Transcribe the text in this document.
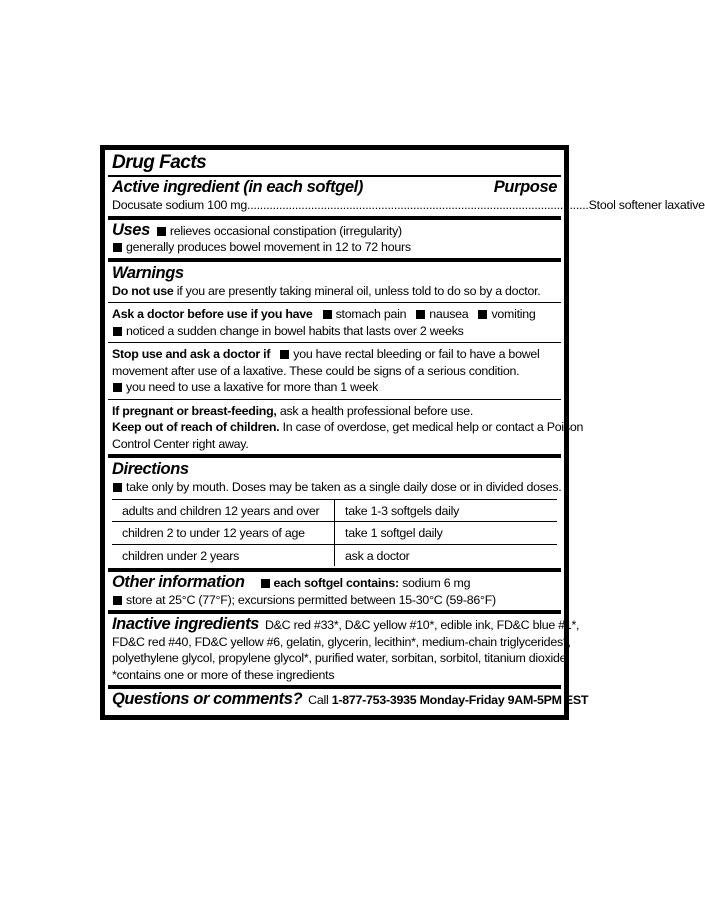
Drug Facts
Active ingredient (in each softgel)	Purpose
Docusate sodium 100 mg ........................................................................................................... Stool softener laxative
Uses relieves occasional constipation (irregularity)
generally produces bowel movement in 12 to 72 hours
Warnings
Do not use if you are presently taking mineral oil, unless told to do so by a doctor.
Ask a doctor before use if you have stomach pain nausea vomiting
noticed a sudden change in bowel habits that lasts over 2 weeks
Stop use and ask a doctor if you have rectal bleeding or fail to have a bowel
movement after use of a laxative. These could be signs of a serious condition.
you need to use a laxative for more than 1 week
If pregnant or breast-feeding, ask a health professional before use.
Keep out of reach of children. In case of overdose, get medical help or contact a Poison
Control Center right away.
Directions
take only by mouth. Doses may be taken as a single daily dose or in divided doses.
adults and children 12 years and over	take 1-3 softgels daily
children 2 to under 12 years of age	take 1 softgel daily
children under 2 years	ask a doctor
Other information each softgel contains: sodium 6 mg
store at 25°C (77°F); excursions permitted between 15-30°C (59-86°F)
Inactive ingredients D&C red #33*, D&C yellow #10*, edible ink, FD&C blue #1*,
FD&C red #40, FD&C yellow #6, gelatin, glycerin, lecithin*, medium-chain triglycerides*,
polyethylene glycol, propylene glycol*, purified water, sorbitan, sorbitol, titanium dioxide
*contains one or more of these ingredients
Questions or comments? Call 1-877-753-3935 Monday-Friday 9AM-5PM EST
